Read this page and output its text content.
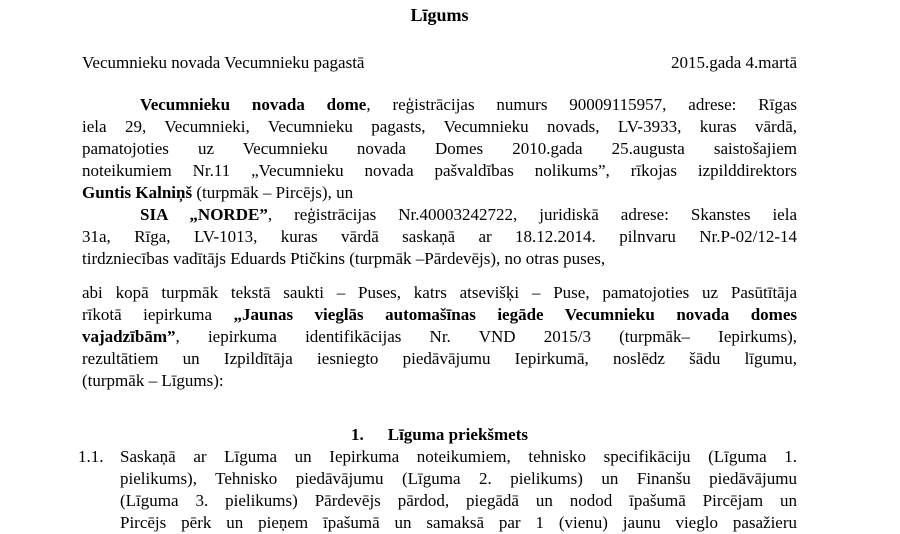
Līgums
Vecumnieku novada Vecumnieku pagastā	2015.gada 4.martā
Vecumnieku novada dome, reģistrācijas numurs 90009115957, adrese: Rīgas
iela 29, Vecumnieki, Vecumnieku pagasts, Vecumnieku novads, LV-3933, kuras vārdā,
pamatojoties uz Vecumnieku novada Domes 2010.gada 25.augusta saistošajiem
noteikumiem Nr.11 „Vecumnieku novada pašvaldības nolikums”, rīkojas izpilddirektors
Guntis Kalniņš (turpmāk – Pircējs), un
SIA „NORDE”, reģistrācijas Nr.40003242722, juridiskā adrese: Skanstes iela
31a, Rīga, LV-1013, kuras vārdā saskaņā ar 18.12.2014. pilnvaru Nr.P-02/12-14
tirdzniecības vadītājs Eduards Ptičkins (turpmāk –Pārdevējs), no otras puses,
abi kopā turpmāk tekstā saukti – Puses, katrs atsevišķi – Puse, pamatojoties uz Pasūtītāja
rīkotā iepirkuma „Jaunas vieglās automašīnas iegāde Vecumnieku novada domes
vajadzībām”, iepirkuma identifikācijas Nr. VND 2015/3 (turpmāk– Iepirkums),
rezultātiem un Izpildītāja iesniegto piedāvājumu Iepirkumā, noslēdz šādu līgumu,
(turpmāk – Līgums):
1. Līguma priekšmets
1.1. Saskaņā ar Līguma un Iepirkuma noteikumiem, tehnisko specifikāciju (Līguma 1.
pielikums), Tehnisko piedāvājumu (Līguma 2. pielikums) un Finanšu piedāvājumu
(Līguma 3. pielikums) Pārdevējs pārdod, piegādā un nodod īpašumā Pircējam un
Pircējs pērk un pieņem īpašumā un samaksā par 1 (vienu) jaunu vieglo pasažieru
